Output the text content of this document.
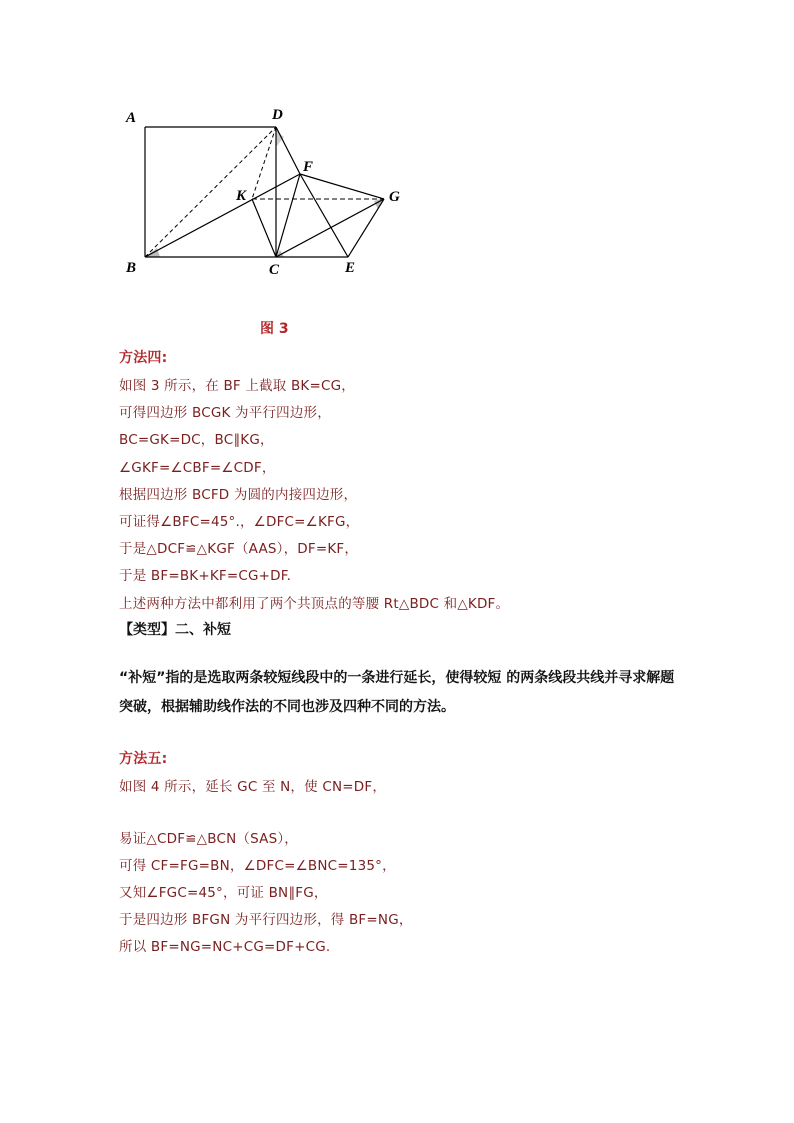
A	D
F
K	G
B	C	E
图 3
方法四:
如图 3 所示，在 BF 上截取 BK=CG，
可得四边形 BCGK 为平行四边形，
BC=GK=DC，BC∥KG，
∠GKF=∠CBF=∠CDF，
根据四边形 BCFD 为圆的内接四边形，
可证得∠BFC=45°.，∠DFC=∠KFG，
于是△DCF≌△KGF（AAS），DF=KF，
于是 BF=BK+KF=CG+DF.
上述两种方法中都利用了两个共顶点的等腰 Rt△BDC 和△KDF。
【类型】二、补短
“补短”指的是选取两条较短线段中的一条进行延长，使得较短 的两条线段共线并寻求解题
突破，根据辅助线作法的不同也涉及四种不同的方法。
方法五:
如图 4 所示，延长 GC 至 N，使 CN=DF，
易证△CDF≌△BCN（SAS），
可得 CF=FG=BN，∠DFC=∠BNC=135°，
又知∠FGC=45°，可证 BN∥FG，
于是四边形 BFGN 为平行四边形，得 BF=NG，
所以 BF=NG=NC+CG=DF+CG.
